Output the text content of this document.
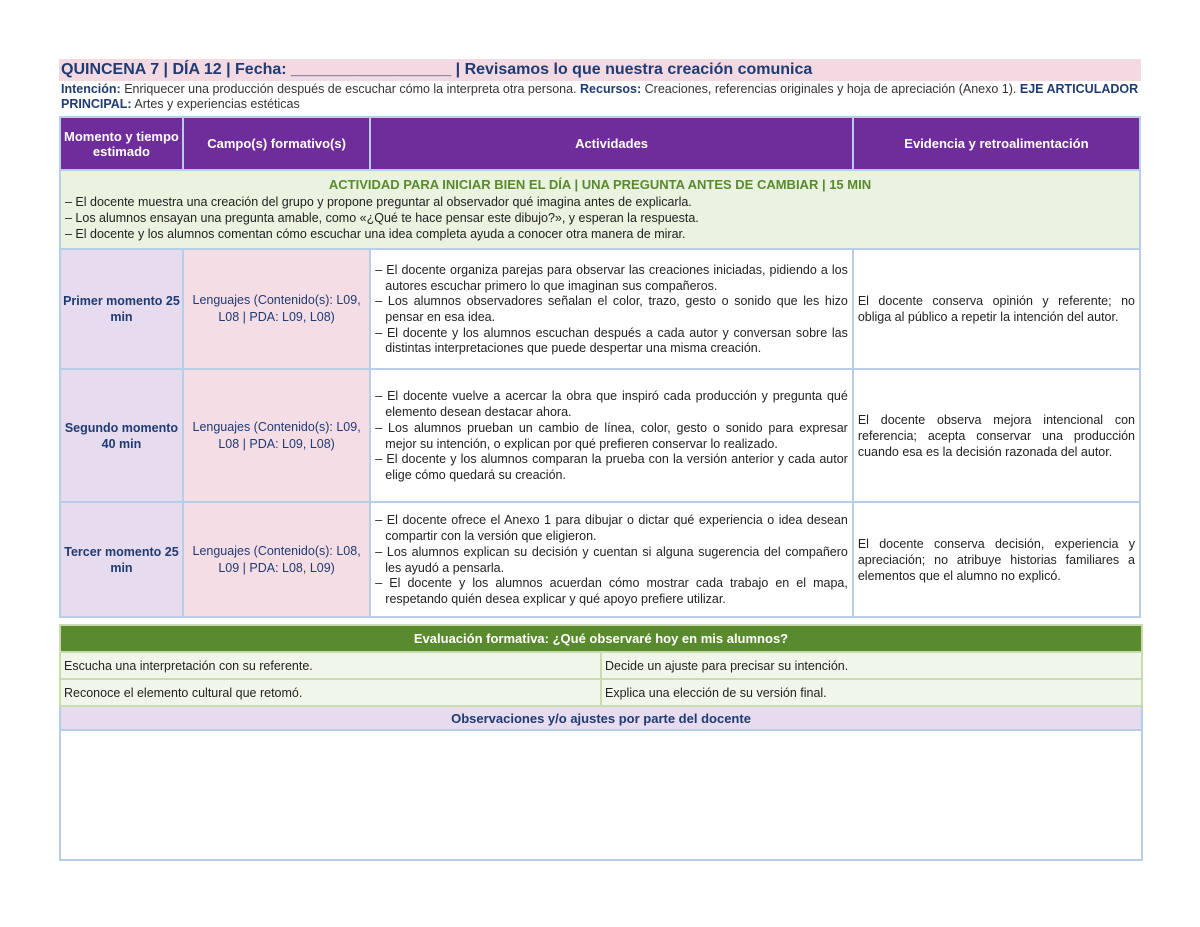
QUINCENA 7 | DÍA 12 | Fecha: __________________ | Revisamos lo que nuestra creación comunica
Intención: Enriquecer una producción después de escuchar cómo la interpreta otra persona. Recursos: Creaciones, referencias originales y hoja de apreciación (Anexo 1). EJE ARTICULADOR PRINCIPAL: Artes y experiencias estéticas
Momento y tiempo estimado	Campo(s) formativo(s)	Actividades	Evidencia y retroalimentación

ACTIVIDAD PARA INICIAR BIEN EL DÍA | UNA PREGUNTA ANTES DE CAMBIAR | 15 MIN
– El docente muestra una creación del grupo y propone preguntar al observador qué imagina antes de explicarla.
– Los alumnos ensayan una pregunta amable, como «¿Qué te hace pensar este dibujo?», y esperan la respuesta.
– El docente y los alumnos comentan cómo escuchar una idea completa ayuda a conocer otra manera de mirar.			

Primer momento 25 min	Lenguajes (Contenido(s): L09, L08 | PDA: L09, L08)	– El docente organiza parejas para observar las creaciones iniciadas, pidiendo a los autores escuchar primero lo que imaginan sus compañeros.
– Los alumnos observadores señalan el color, trazo, gesto o sonido que les hizo pensar en esa idea.
– El docente y los alumnos escuchan después a cada autor y conversan sobre las distintas interpretaciones que puede despertar una misma creación.	El docente conserva opinión y referente; no obliga al público a repetir la intención del autor.
Segundo momento 40 min	Lenguajes (Contenido(s): L09, L08 | PDA: L09, L08)	– El docente vuelve a acercar la obra que inspiró cada producción y pregunta qué elemento desean destacar ahora.
– Los alumnos prueban un cambio de línea, color, gesto o sonido para expresar mejor su intención, o explican por qué prefieren conservar lo realizado.
– El docente y los alumnos comparan la prueba con la versión anterior y cada autor elige cómo quedará su creación.	El docente observa mejora intencional con referencia; acepta conservar una producción cuando esa es la decisión razonada del autor.
Tercer momento 25 min	Lenguajes (Contenido(s): L08, L09 | PDA: L08, L09)	– El docente ofrece el Anexo 1 para dibujar o dictar qué experiencia o idea desean compartir con la versión que eligieron.
– Los alumnos explican su decisión y cuentan si alguna sugerencia del compañero les ayudó a pensarla.
– El docente y los alumnos acuerdan cómo mostrar cada trabajo en el mapa, respetando quién desea explicar y qué apoyo prefiere utilizar.	El docente conserva decisión, experiencia y apreciación; no atribuye historias familiares a elementos que el alumno no explicó.
Evaluación formativa: ¿Qué observaré hoy en mis alumnos?	
Escucha una interpretación con su referente.	Decide un ajuste para precisar su intención.
Reconoce el elemento cultural que retomó.	Explica una elección de su versión final.
Observaciones y/o ajustes por parte del docente	
